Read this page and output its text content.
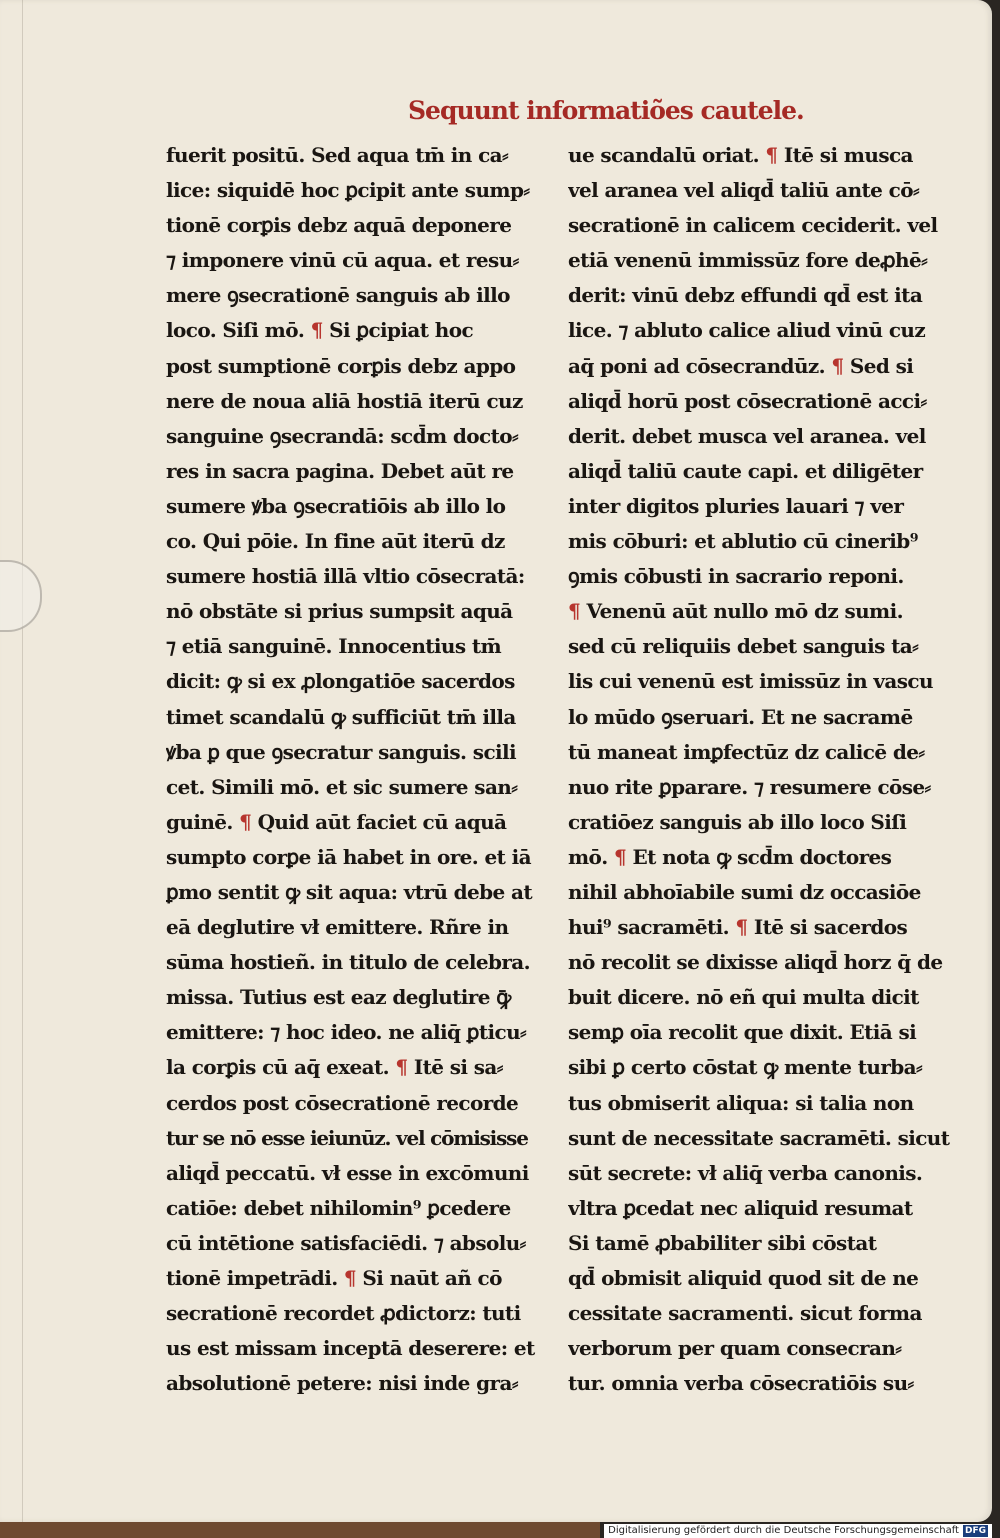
Sequunt informatiões cautele.
fuerit positū. Sed aqua tm̄ in ca⸗
lice: siquidē hoc ꝑcipit ante sump⸗
tionē corꝑis debz aquā deponere
⁊ imponere vinū cū aqua. et resu⸗
mere ꝯsecrationē sanguis ab illo
loco. Siſi mō. ¶ Si ꝑcipiat hoc
post sumptionē corꝑis debz appo
nere de noua aliā hostiā iterū cuz
sanguine ꝯsecrandā: scd̄m docto⸗
res in sacra pagina. Debet aūt re
sumere ꝟba ꝯsecratiōis ab illo lo
co. Qui pōie. In fine aūt iterū dz
sumere hostiā illā vltio cōsecratā:
nō obstāte si prius sumpsit aquā
⁊ etiā sanguinē. Innocentius tm̄
dicit: ꝙ si ex ꝓlongatiōe sacerdos
timet scandalū ꝙ sufficiūt tm̄ illa
ꝟba ꝑ que ꝯsecratur sanguis. scili
cet. Simili mō. et sic sumere san⸗
guinē. ¶ Quid aūt faciet cū aquā
sumpto corꝑe iā habet in ore. et iā
ꝑmo sentit ꝙ sit aqua: vtrū debe at
eā deglutire vł emittere. Rñre in
sūma hostieñ. in titulo de celebra.
missa. Tutius est eaz deglutire ꝙ̄
emittere: ⁊ hoc ideo. ne aliq̄ ꝑticu⸗
la corꝑis cū aq̄ exeat. ¶ Itē si sa⸗
cerdos post cōsecrationē recorde
tur se nō esse ieiunūz. vel cōmisisse
aliqd̄ peccatū. vł esse in excōmuni
catiōe: debet nihilomin⁹ ꝑcedere
cū intētione satisfaciēdi. ⁊ absolu⸗
tionē impetrādi. ¶ Si naūt añ cō
secrationē recordet ꝓdictorz: tuti
us est missam inceptā deserere: et
absolutionē petere: nisi inde gra⸗
ue scandalū oriat. ¶ Itē si musca
vel aranea vel aliqd̄ taliū ante cō⸗
secrationē in calicem ceciderit. vel
etiā venenū immissūz fore deꝓhē⸗
derit: vinū debz effundi qd̄ est ita
lice. ⁊ abluto calice aliud vinū cuz
aq̄ poni ad cōsecrandūz. ¶ Sed si
aliqd̄ horū post cōsecrationē acci⸗
derit. debet musca vel aranea. vel
aliqd̄ taliū caute capi. et diligēter
inter digitos pluries lauari ⁊ ver
mis cōburi: et ablutio cū cinerib⁹
ꝯmis cōbusti in sacrario reponi.
¶ Venenū aūt nullo mō dz sumi.
sed cū reliquiis debet sanguis ta⸗
lis cui venenū est imissūz in vascu
lo mūdo ꝯseruari. Et ne sacramē
tū maneat imꝑfectūz dz calicē de⸗
nuo rite ꝑparare. ⁊ resumere cōse⸗
cratiōez sanguis ab illo loco Siſi
mō. ¶ Et nota ꝙ scd̄m doctores
nihil abhoīabile sumi dz occasiōe
hui⁹ sacramēti. ¶ Itē si sacerdos
nō recolit se dixisse aliqd̄ horz q̄ de
buit dicere. nō eñ qui multa dicit
semꝑ oīa recolit que dixit. Etiā si
sibi ꝑ certo cōstat ꝙ mente turba⸗
tus obmiserit aliqua: si talia non
sunt de necessitate sacramēti. sicut
sūt secrete: vł aliq̄ verba canonis.
vltra ꝑcedat nec aliquid resumat
Si tamē ꝓbabiliter sibi cōstat
qd̄ obmisit aliquid quod sit de ne
cessitate sacramenti. sicut forma
verborum per quam consecran⸗
tur. omnia verba cōsecratiōis su⸗
Digitalisierung gefördert durch die Deutsche Forschungsgemeinschaft DFG
